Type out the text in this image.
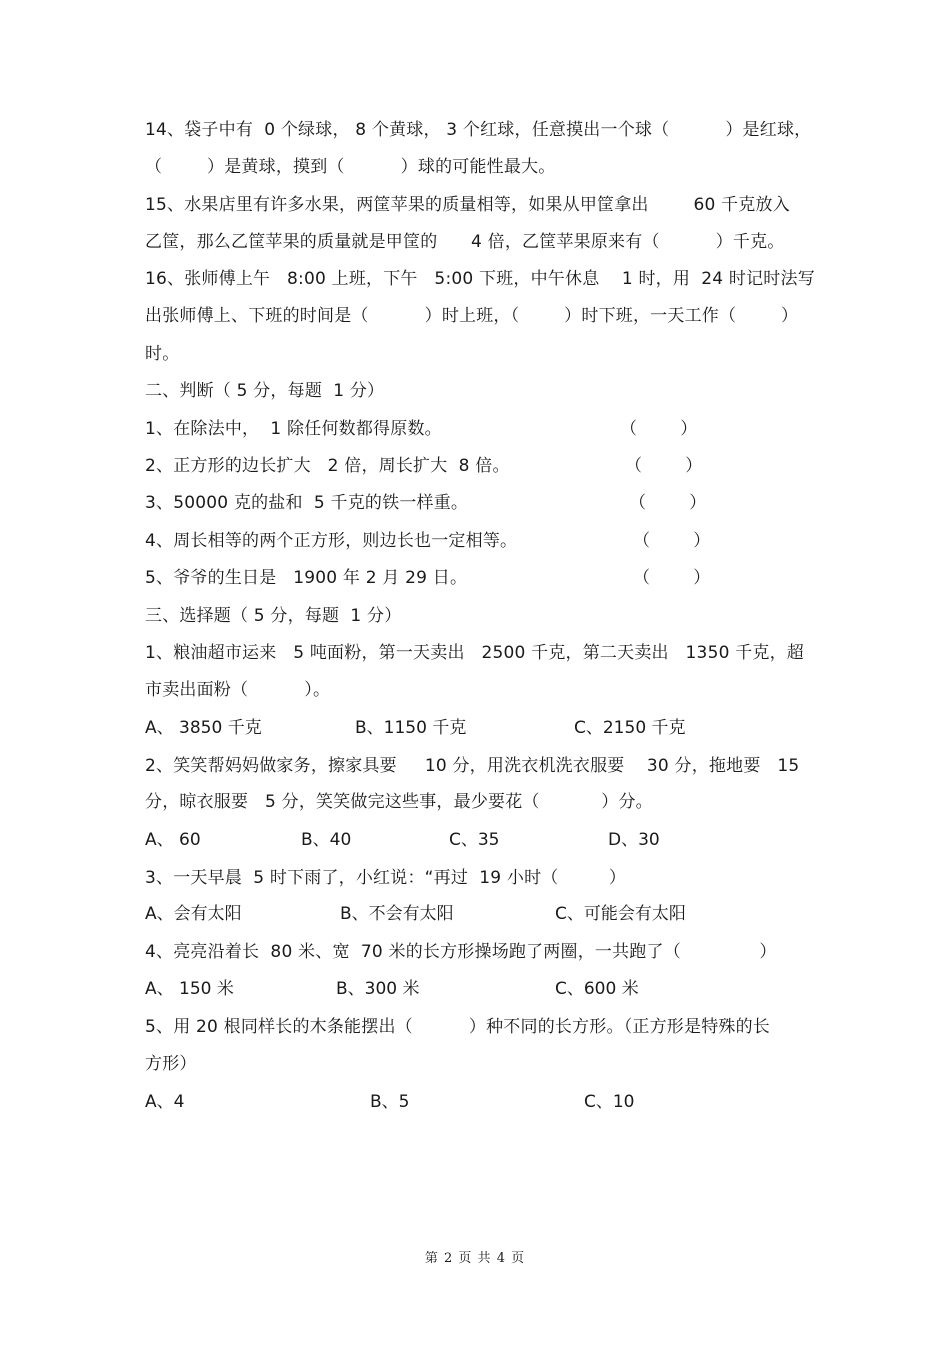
14、袋子中有  0 个绿球， 8 个黄球， 3 个红球，任意摸出一个球（          ）是红球，
（        ）是黄球，摸到（          ）球的可能性最大。
15、水果店里有许多水果，两筐苹果的质量相等，如果从甲筐拿出        60 千克放入
乙筐，那么乙筐苹果的质量就是甲筐的      4 倍，乙筐苹果原来有（          ）千克。
16、张师傅上午   8:00 上班，下午   5:00 下班，中午休息    1 时，用  24 时记时法写
出张师傅上、下班的时间是（          ）时上班，（        ）时下班，一天工作（        ）
时。
二、判断（ 5 分，每题  1 分）
1、在除法中，  1 除任何数都得原数。	（        ）
2、正方形的边长扩大   2 倍，周长扩大  8 倍。	（        ）
3、50000 克的盐和  5 千克的铁一样重。	（        ）
4、周长相等的两个正方形，则边长也一定相等。	（        ）
5、爷爷的生日是   1900 年 2 月 29 日。	（        ）
三、选择题（ 5 分，每题  1 分）
1、粮油超市运来   5 吨面粉，第一天卖出   2500 千克，第二天卖出   1350 千克，超
市卖出面粉（          ）。
A、 3850 千克	B、1150 千克	C、2150 千克
2、笑笑帮妈妈做家务，擦家具要     10 分，用洗衣机洗衣服要    30 分，拖地要   15
分，晾衣服要   5 分，笑笑做完这些事，最少要花（           ）分。
A、 60	B、40	C、35	D、30
3、一天早晨  5 时下雨了，小红说：“再过  19 小时（         ）
A、会有太阳	B、不会有太阳	C、可能会有太阳
4、亮亮沿着长  80 米、宽  70 米的长方形操场跑了两圈，一共跑了（              ）
A、 150 米	B、300 米	C、600 米
5、用 20 根同样长的木条能摆出（          ）种不同的长方形。（正方形是特殊的长
方形）
A、4	B、5	C、10
第 2 页 共 4 页
